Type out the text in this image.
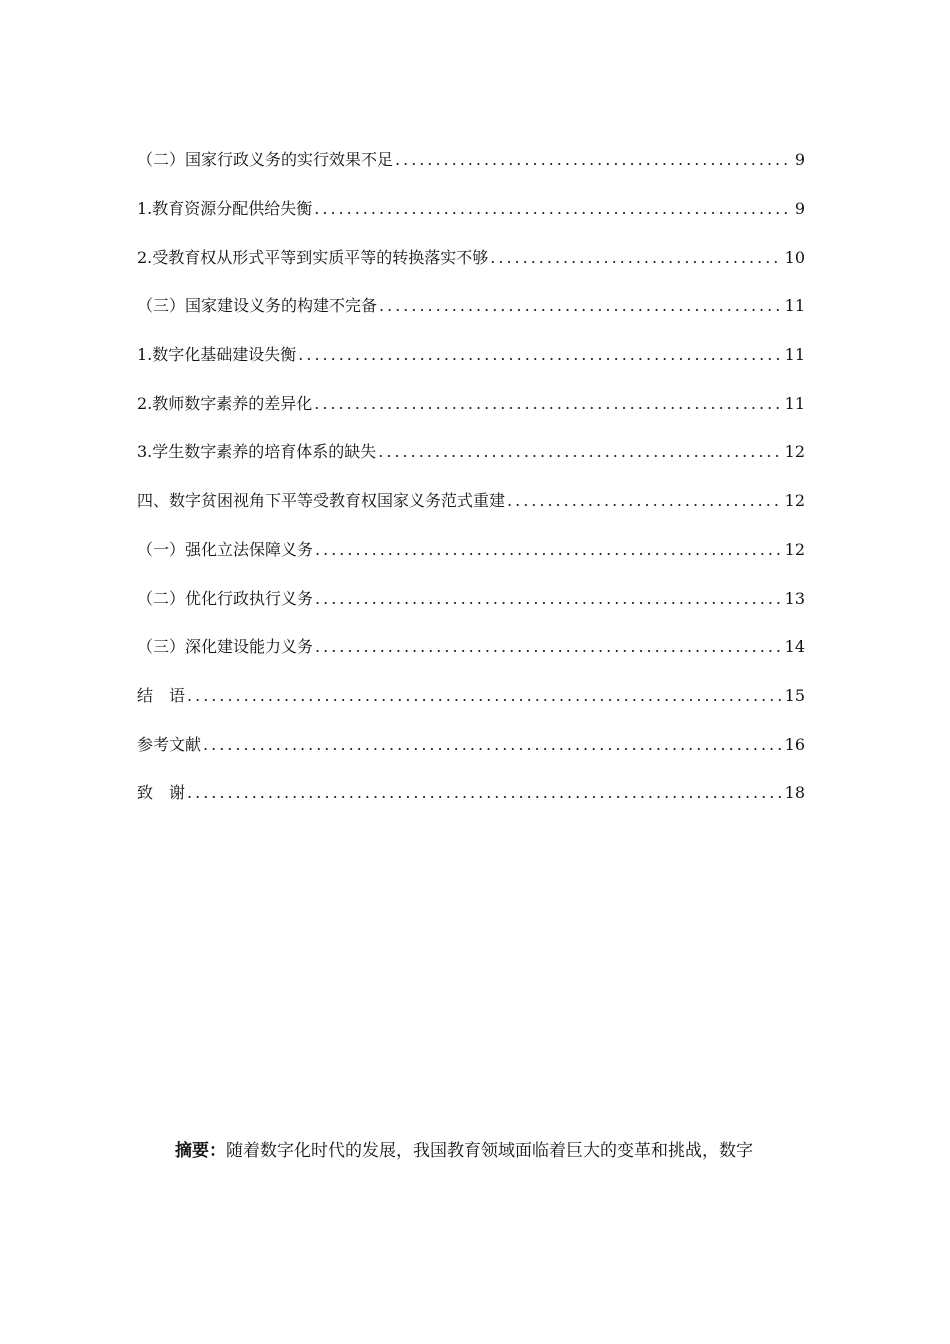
（二）国家行政义务的实行效果不足 .....	9
1.教育资源分配供给失衡 .....	9
2.受教育权从形式平等到实质平等的转换落实不够 .....	10
（三）国家建设义务的构建不完备 .....	11
1.数字化基础建设失衡 .....	11
2.教师数字素养的差异化 .....	11
3.学生数字素养的培育体系的缺失 .....	12
四、数字贫困视角下平等受教育权国家义务范式重建 .....	12
（一）强化立法保障义务 .....	12
（二）优化行政执行义务 .....	13
（三）深化建设能力义务 .....	14
结　语 .....	15
参考文献 .....	16
致　谢 .....	18
摘要：随着数字化时代的发展，我国教育领域面临着巨大的变革和挑战，数字
